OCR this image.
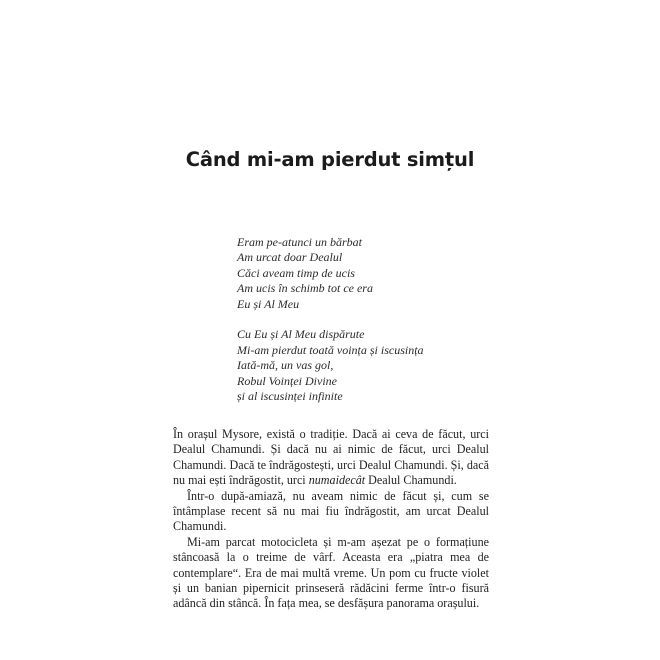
Când mi-am pierdut simțul

Eram pe-atunci un bărbat
Am urcat doar Dealul
Căci aveam timp de ucis
Am ucis în schimb tot ce era
Eu și Al Meu

Cu Eu și Al Meu dispărute
Mi-am pierdut toată voința și iscusința
Iată-mă, un vas gol,
Robul Voinței Divine
și al iscusinței infinite

În orașul Mysore, există o tradiție. Dacă ai ceva de făcut, urci Dealul Chamundi. Și dacă nu ai nimic de făcut, urci Dealul Chamundi. Dacă te îndrăgostești, urci Dealul Chamundi. Și, dacă nu mai ești îndrăgostit, urci numaidecât Dealul Chamundi.

Într-o după-amiază, nu aveam nimic de făcut și, cum se întâmplase recent să nu mai fiu îndrăgostit, am urcat Dealul Chamundi.

Mi-am parcat motocicleta și m-am așezat pe o formațiune stâncoasă la o treime de vârf. Aceasta era „piatra mea de contemplare“. Era de mai multă vreme. Un pom cu fructe violet și un banian pipernicit prinseseră rădăcini ferme într-o fisură adâncă din stâncă. În fața mea, se desfășura panorama orașului.
